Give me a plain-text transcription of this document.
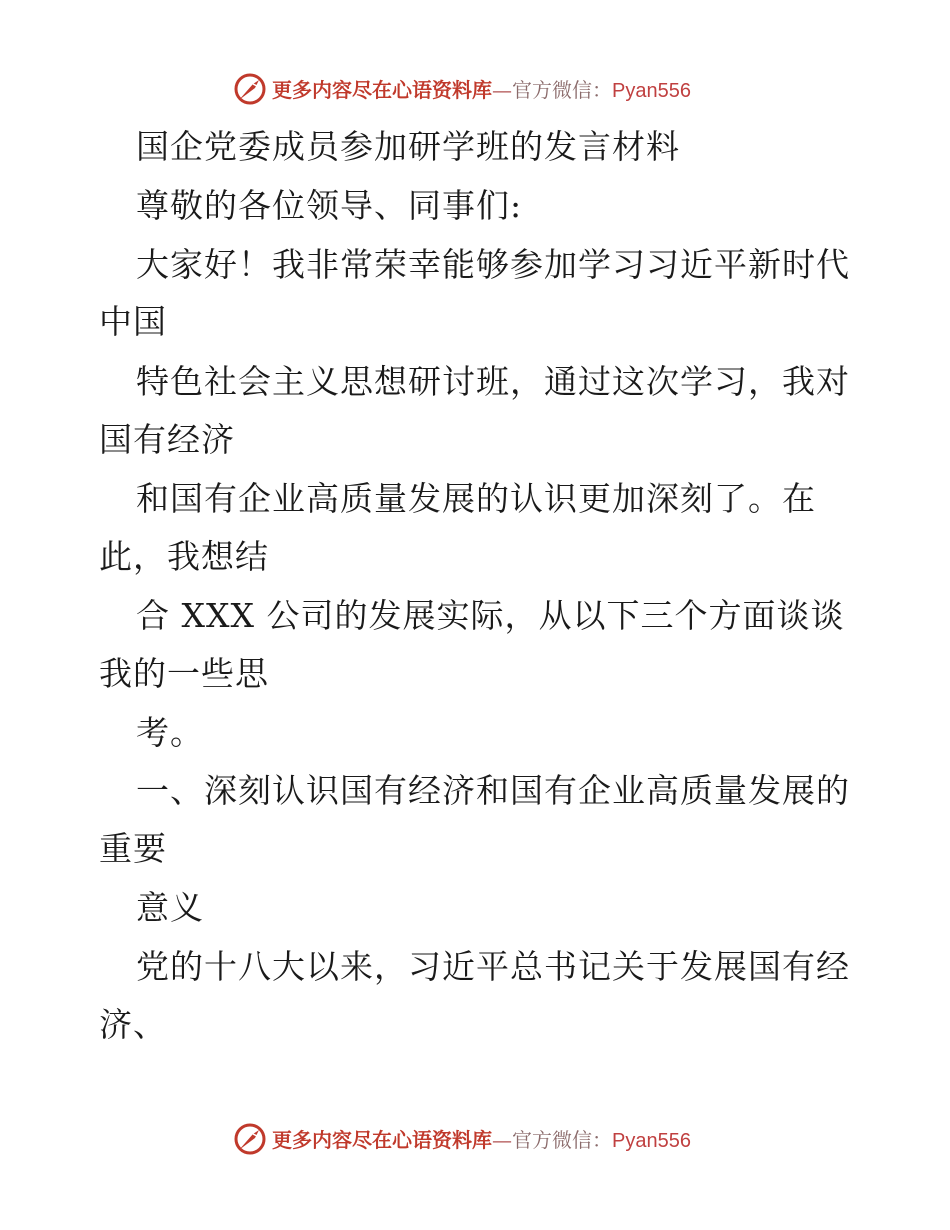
更多内容尽在心语资料库—官方微信：Pyan556
国企党委成员参加研学班的发言材料
尊敬的各位领导、同事们:
大家好！我非常荣幸能够参加学习习近平新时代
中国
特色社会主义思想研讨班，通过这次学习，我对
国有经济
和国有企业高质量发展的认识更加深刻了。在
此，我想结
合 XXX 公司的发展实际，从以下三个方面谈谈
我的一些思
考。
一、深刻认识国有经济和国有企业高质量发展的
重要
意义
党的十八大以来，习近平总书记关于发展国有经
济、
更多内容尽在心语资料库—官方微信：Pyan556
